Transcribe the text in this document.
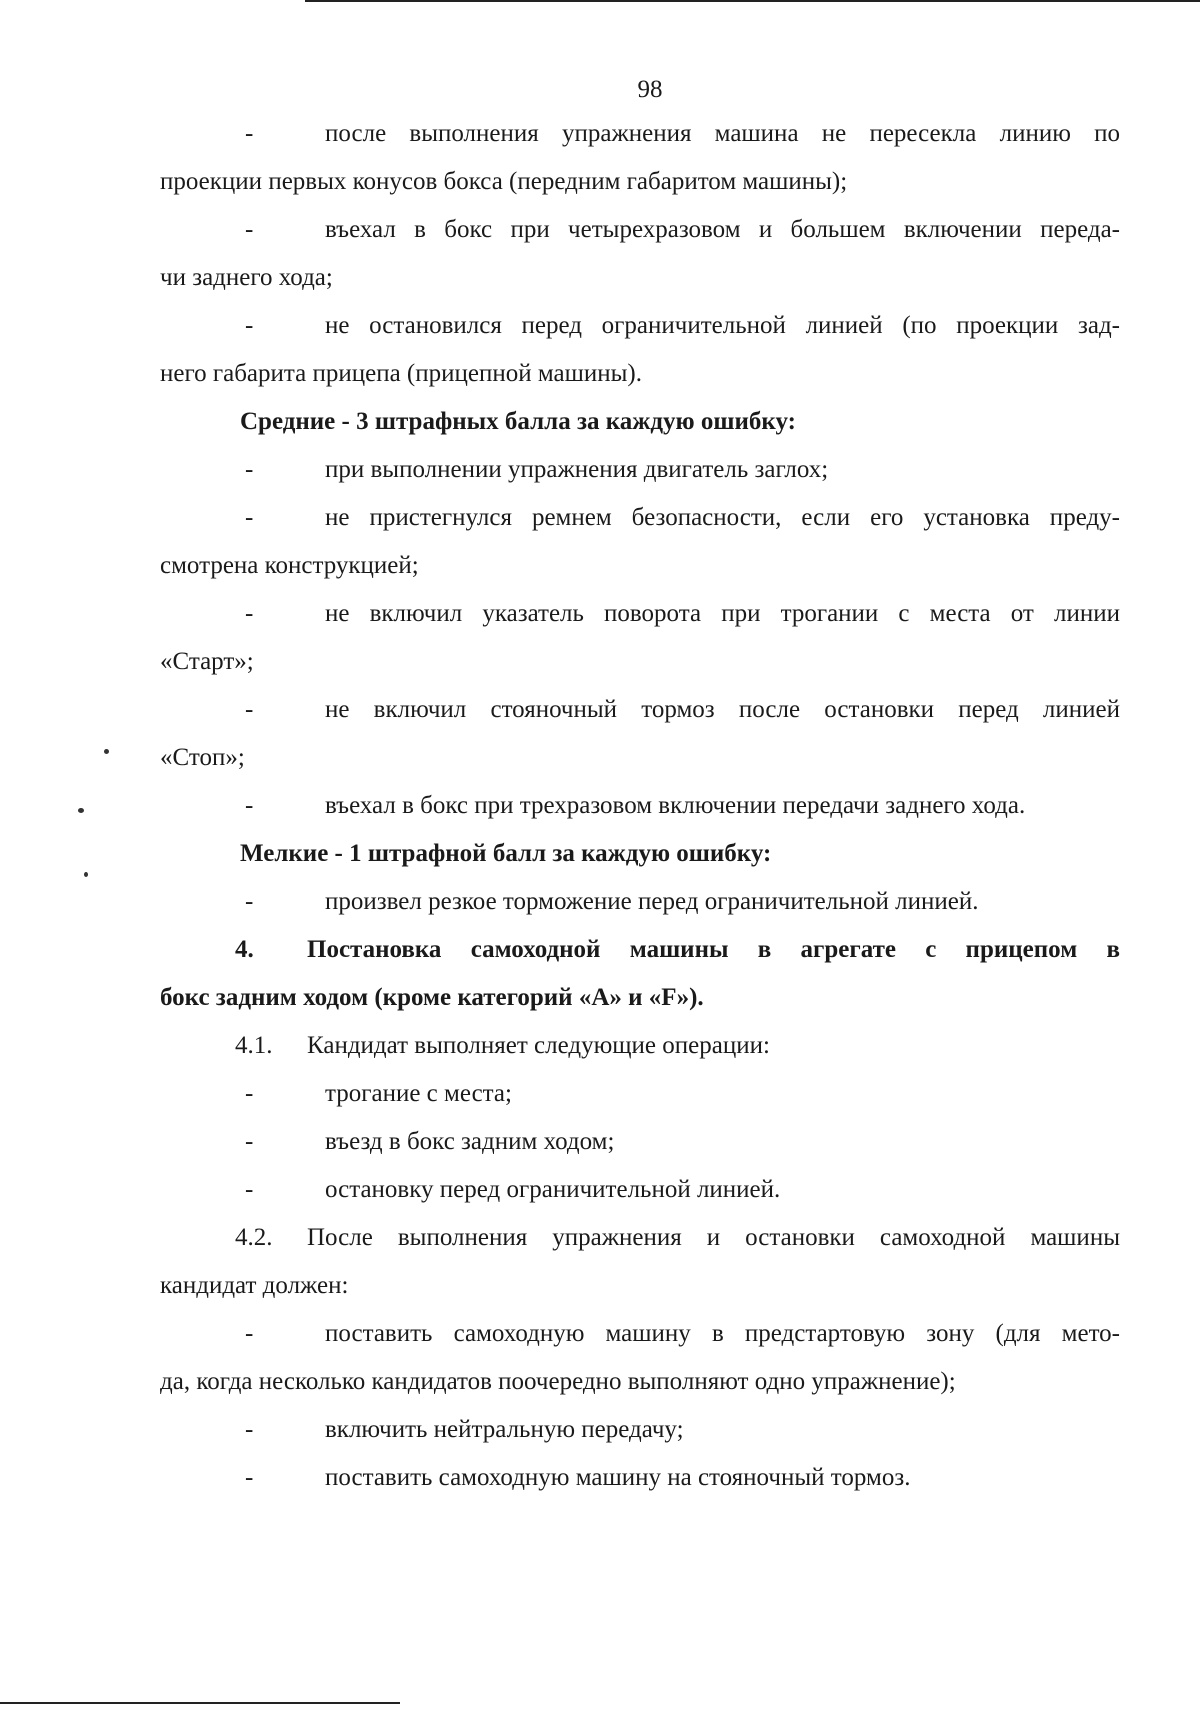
98
-	после выполнения упражнения машина не пересекла линию по
проекции первых конусов бокса (передним габаритом машины);
-	въехал в бокс при четырехразовом и большем включении переда-
чи заднего хода;
-	не остановился перед ограничительной линией (по проекции зад-
него габарита прицепа (прицепной машины).
Средние - 3 штрафных балла за каждую ошибку:
-	при выполнении упражнения двигатель заглох;
-	не пристегнулся ремнем безопасности, если его установка преду-
смотрена конструкцией;
-	не включил указатель поворота при трогании с места от линии
«Старт»;
-	не включил стояночный тормоз после остановки перед линией
«Стоп»;
-	въехал в бокс при трехразовом включении передачи заднего хода.
Мелкие - 1 штрафной балл за каждую ошибку:
-	произвел резкое торможение перед ограничительной линией.
4. Постановка самоходной машины в агрегате с прицепом в
бокс задним ходом (кроме категорий «А» и «F»).
4.1. Кандидат выполняет следующие операции:
-	трогание с места;
-	въезд в бокс задним ходом;
-	остановку перед ограничительной линией.
4.2. После выполнения упражнения и остановки самоходной машины
кандидат должен:
-	поставить самоходную машину в предстартовую зону (для мето-
да, когда несколько кандидатов поочередно выполняют одно упражнение);
-	включить нейтральную передачу;
-	поставить самоходную машину на стояночный тормоз.
